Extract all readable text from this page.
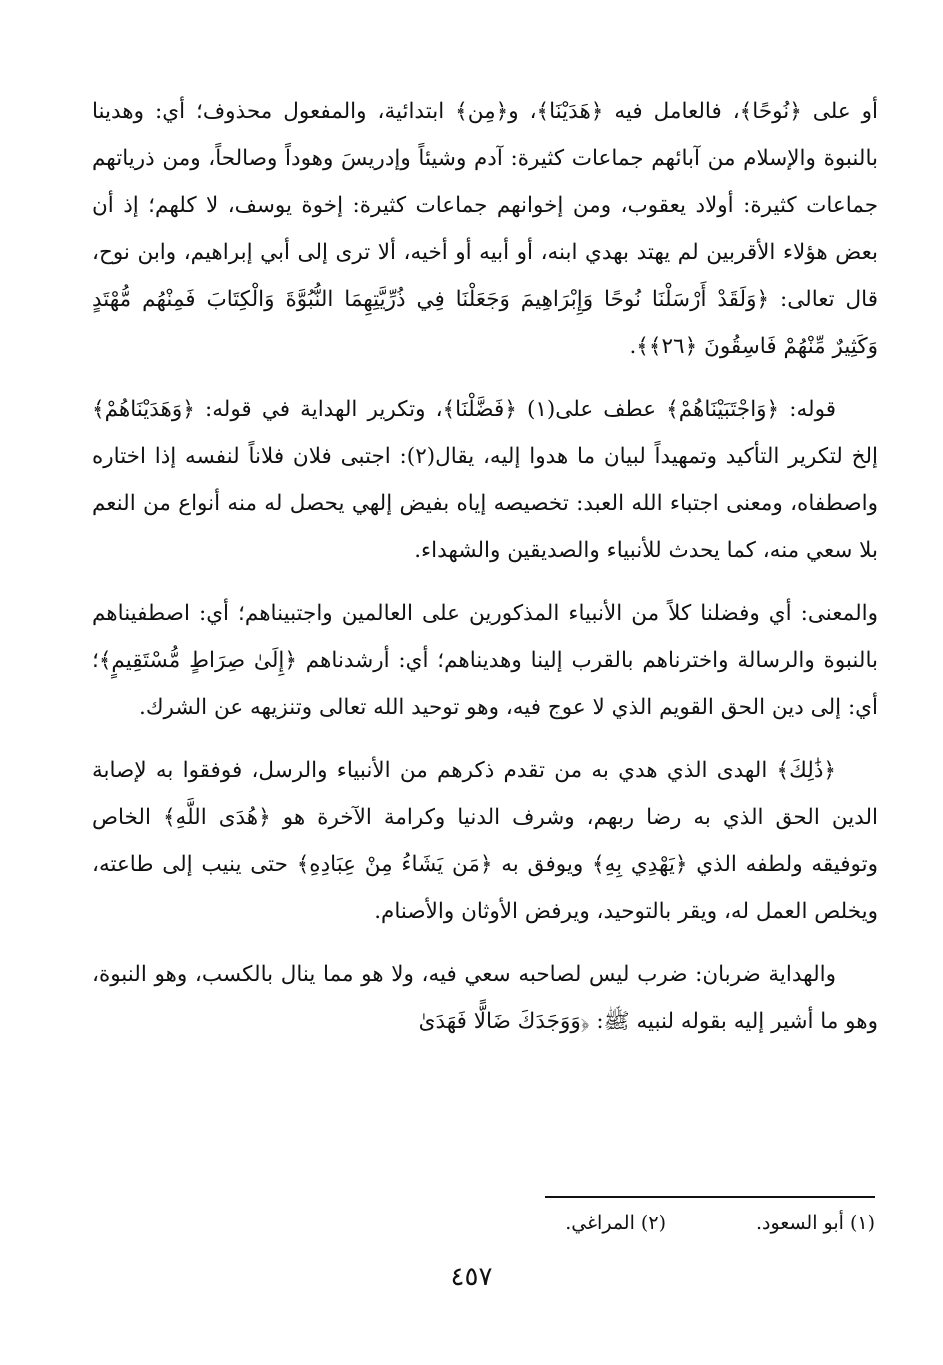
أو على ﴿نُوحًا﴾، فالعامل فيه ﴿هَدَيْنَا﴾، و﴿مِن﴾ ابتدائية، والمفعول محذوف؛ أي: وهدينا بالنبوة والإسلام من آبائهم جماعات كثيرة: آدم وشيئاً وإدريسَ وهوداً وصالحاً، ومن ذرياتهم جماعات كثيرة: أولاد يعقوب، ومن إخوانهم جماعات كثيرة: إخوة يوسف، لا كلهم؛ إذ أن بعض هؤلاء الأقربين لم يهتد بهدي ابنه، أو أبيه أو أخيه، ألا ترى إلى أبي إبراهيم، وابن نوح، قال تعالى: ﴿وَلَقَدْ أَرْسَلْنَا نُوحًا وَإِبْرَاهِيمَ وَجَعَلْنَا فِي ذُرِّيَّتِهِمَا النُّبُوَّةَ وَالْكِتَابَ فَمِنْهُم مُّهْتَدٍ وَكَثِيرٌ مِّنْهُمْ فَاسِقُونَ ﴿٢٦﴾﴾.
قوله: ﴿وَاجْتَبَيْنَاهُمْ﴾ عطف على(١) ﴿فَضَّلْنَا﴾، وتكرير الهداية في قوله: ﴿وَهَدَيْنَاهُمْ﴾ إلخ لتكرير التأكيد وتمهيداً لبيان ما هدوا إليه، يقال(٢): اجتبى فلان فلاناً لنفسه إذا اختاره واصطفاه، ومعنى اجتباء الله العبد: تخصيصه إياه بفيض إلهي يحصل له منه أنواع من النعم بلا سعي منه، كما يحدث للأنبياء والصديقين والشهداء.
والمعنى: أي وفضلنا كلاً من الأنبياء المذكورين على العالمين واجتبيناهم؛ أي: اصطفيناهم بالنبوة والرسالة واخترناهم بالقرب إلينا وهديناهم؛ أي: أرشدناهم ﴿إِلَىٰ صِرَاطٍ مُّسْتَقِيمٍ﴾؛ أي: إلى دين الحق القويم الذي لا عوج فيه، وهو توحيد الله تعالى وتنزيهه عن الشرك.
﴿ذَٰلِكَ﴾ الهدى الذي هدي به من تقدم ذكرهم من الأنبياء والرسل، فوفقوا به لإصابة الدين الحق الذي به رضا ربهم، وشرف الدنيا وكرامة الآخرة هو ﴿هُدَى اللَّهِ﴾ الخاص وتوفيقه ولطفه الذي ﴿يَهْدِي بِهِ﴾ ويوفق به ﴿مَن يَشَاءُ مِنْ عِبَادِهِ﴾ حتى ينيب إلى طاعته، ويخلص العمل له، ويقر بالتوحيد، ويرفض الأوثان والأصنام.
والهداية ضربان: ضرب ليس لصاحبه سعي فيه، ولا هو مما ينال بالكسب، وهو النبوة، وهو ما أشير إليه بقوله لنبيه ﷺ: ﴿وَوَجَدَكَ ضَالًّا فَهَدَىٰ
(١) أبو السعود.
(٢) المراغي.
٤٥٧
